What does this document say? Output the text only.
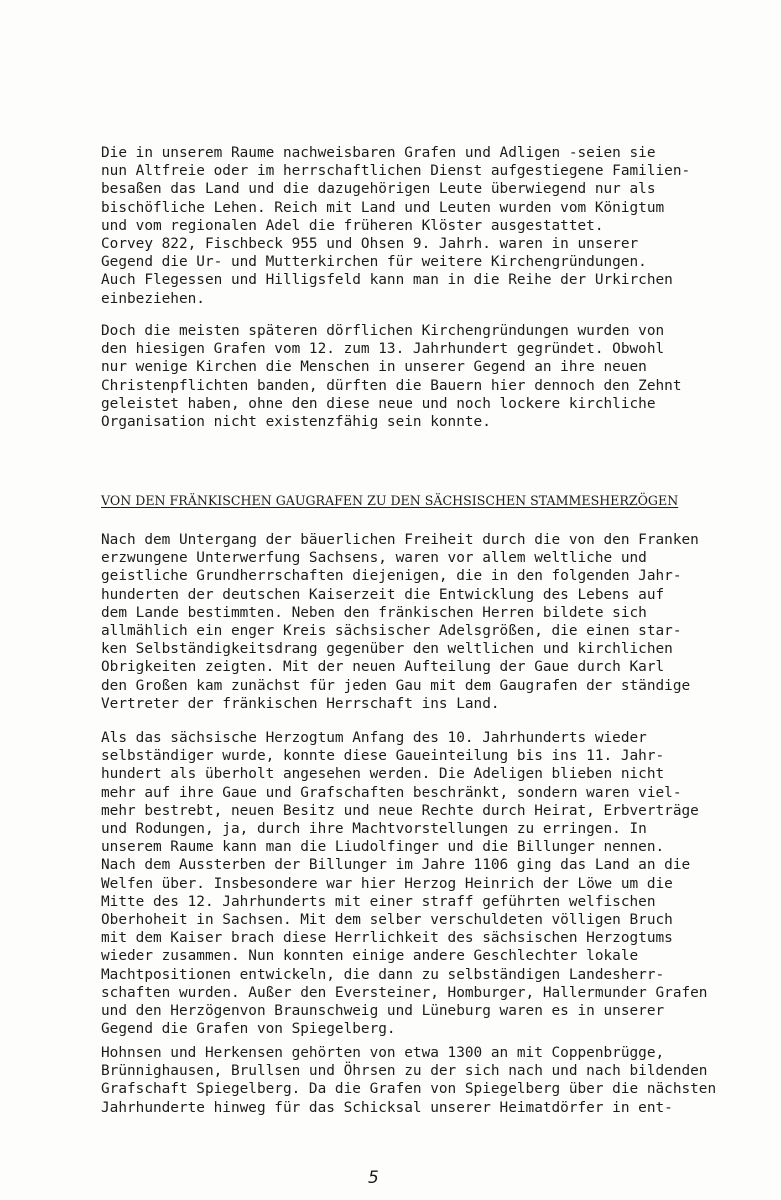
Die in unserem Raume nachweisbaren Grafen und Adligen -seien sie
nun Altfreie oder im herrschaftlichen Dienst aufgestiegene Familien-
besaßen das Land und die dazugehörigen Leute überwiegend nur als
bischöfliche Lehen. Reich mit Land und Leuten wurden vom Königtum
und vom regionalen Adel die früheren Klöster ausgestattet.
Corvey 822, Fischbeck 955 und Ohsen 9. Jahrh. waren in unserer
Gegend die Ur- und Mutterkirchen für weitere Kirchengründungen.
Auch Flegessen und Hilligsfeld kann man in die Reihe der Urkirchen
einbeziehen.

Doch die meisten späteren dörflichen Kirchengründungen wurden von
den hiesigen Grafen vom 12. zum 13. Jahrhundert gegründet. Obwohl
nur wenige Kirchen die Menschen in unserer Gegend an ihre neuen
Christenpflichten banden, dürften die Bauern hier dennoch den Zehnt
geleistet haben, ohne den diese neue und noch lockere kirchliche
Organisation nicht existenzfähig sein konnte.

VON DEN FRÄNKISCHEN GAUGRAFEN ZU DEN SÄCHSISCHEN STAMMESHERZÖGEN

Nach dem Untergang der bäuerlichen Freiheit durch die von den Franken
erzwungene Unterwerfung Sachsens, waren vor allem weltliche und
geistliche Grundherrschaften diejenigen, die in den folgenden Jahr-
hunderten der deutschen Kaiserzeit die Entwicklung des Lebens auf
dem Lande bestimmten. Neben den fränkischen Herren bildete sich
allmählich ein enger Kreis sächsischer Adelsgrößen, die einen star-
ken Selbständigkeitsdrang gegenüber den weltlichen und kirchlichen
Obrigkeiten zeigten. Mit der neuen Aufteilung der Gaue durch Karl
den Großen kam zunächst für jeden Gau mit dem Gaugrafen der ständige
Vertreter der fränkischen Herrschaft ins Land.

Als das sächsische Herzogtum Anfang des 10. Jahrhunderts wieder
selbständiger wurde, konnte diese Gaueinteilung bis ins 11. Jahr-
hundert als überholt angesehen werden. Die Adeligen blieben nicht
mehr auf ihre Gaue und Grafschaften beschränkt, sondern waren viel-
mehr bestrebt, neuen Besitz und neue Rechte durch Heirat, Erbverträge
und Rodungen, ja, durch ihre Machtvorstellungen zu erringen. In
unserem Raume kann man die Liudolfinger und die Billunger nennen.
Nach dem Aussterben der Billunger im Jahre 1106 ging das Land an die
Welfen über. Insbesondere war hier Herzog Heinrich der Löwe um die
Mitte des 12. Jahrhunderts mit einer straff geführten welfischen
Oberhoheit in Sachsen. Mit dem selber verschuldeten völligen Bruch
mit dem Kaiser brach diese Herrlichkeit des sächsischen Herzogtums
wieder zusammen. Nun konnten einige andere Geschlechter lokale
Machtpositionen entwickeln, die dann zu selbständigen Landesherr-
schaften wurden. Außer den Eversteiner, Homburger, Hallermunder Grafen
und den Herzögenvon Braunschweig und Lüneburg waren es in unserer
Gegend die Grafen von Spiegelberg.

Hohnsen und Herkensen gehörten von etwa 1300 an mit Coppenbrügge,
Brünnighausen, Brullsen und Öhrsen zu der sich nach und nach bildenden
Grafschaft Spiegelberg. Da die Grafen von Spiegelberg über die nächsten
Jahrhunderte hinweg für das Schicksal unserer Heimatdörfer in ent-

5
